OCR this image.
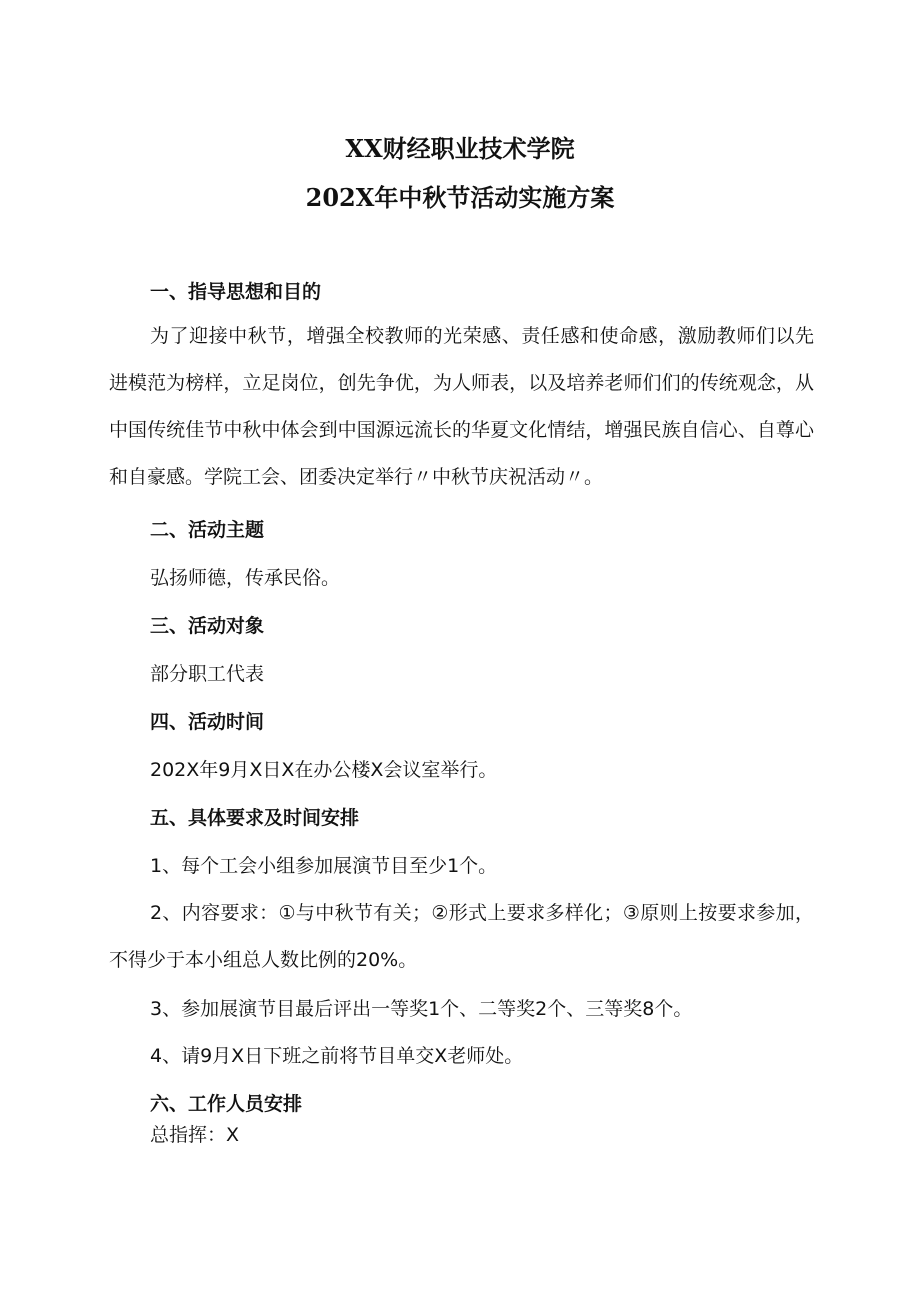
XX财经职业技术学院
202X年中秋节活动实施方案
一、指导思想和目的

为了迎接中秋节，增强全校教师的光荣感、责任感和使命感，激励教师们以先进模范为榜样，立足岗位，创先争优，为人师表，以及培养老师们们的传统观念，从中国传统佳节中秋中体会到中国源远流长的华夏文化情结，增强民族自信心、自尊心和自豪感。学院工会、团委决定举行〃中秋节庆祝活动〃。

二、活动主题
弘扬师德，传承民俗。
三、活动对象
部分职工代表
四、活动时间
202X年9月X日X在办公楼X会议室举行。
五、具体要求及时间安排
1、每个工会小组参加展演节目至少1个。

2、内容要求：①与中秋节有关；②形式上要求多样化；③原则上按要求参加，不得少于本小组总人数比例的20%。

3、参加展演节目最后评出一等奖1个、二等奖2个、三等奖8个。
4、请9月X日下班之前将节目单交X老师处。
六、工作人员安排
总指挥：X
